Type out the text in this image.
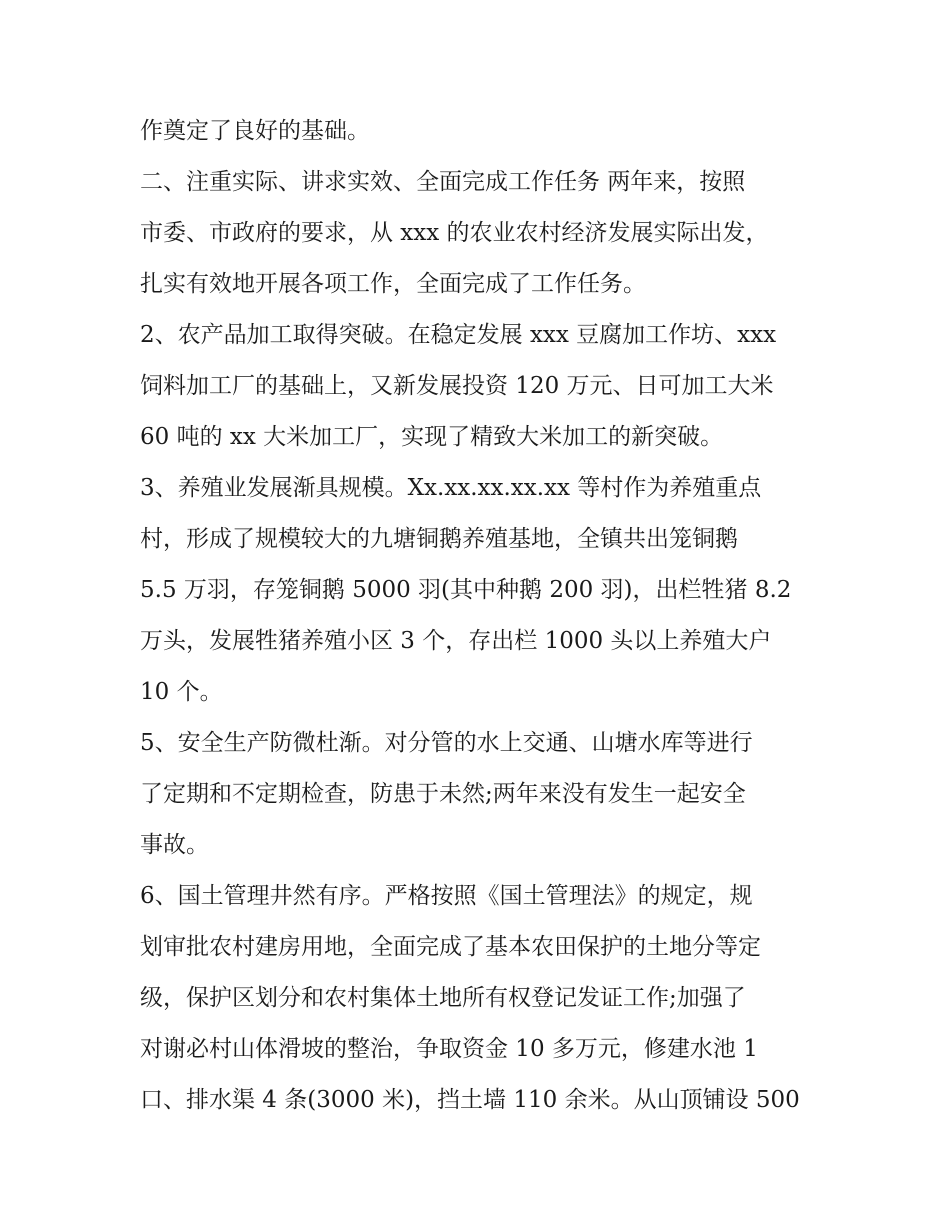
作奠定了良好的基础。
二、注重实际、讲求实效、全面完成工作任务 两年来，按照
市委、市政府的要求，从 xxx 的农业农村经济发展实际出发，
扎实有效地开展各项工作，全面完成了工作任务。
2、农产品加工取得突破。在稳定发展 xxx 豆腐加工作坊、xxx
饲料加工厂的基础上，又新发展投资 120 万元、日可加工大米
60 吨的 xx 大米加工厂，实现了精致大米加工的新突破。
3、养殖业发展渐具规模。Xx.xx.xx.xx.xx 等村作为养殖重点
村，形成了规模较大的九塘铜鹅养殖基地，全镇共出笼铜鹅
5.5 万羽，存笼铜鹅 5000 羽(其中种鹅 200 羽)，出栏牲猪 8.2
万头，发展牲猪养殖小区 3 个，存出栏 1000 头以上养殖大户
10 个。
5、安全生产防微杜渐。对分管的水上交通、山塘水库等进行
了定期和不定期检查，防患于未然;两年来没有发生一起安全
事故。
6、国土管理井然有序。严格按照《国土管理法》的规定，规
划审批农村建房用地，全面完成了基本农田保护的土地分等定
级，保护区划分和农村集体土地所有权登记发证工作;加强了
对谢必村山体滑坡的整治，争取资金 10 多万元，修建水池 1
口、排水渠 4 条(3000 米)，挡土墙 110 余米。从山顶铺设 500
